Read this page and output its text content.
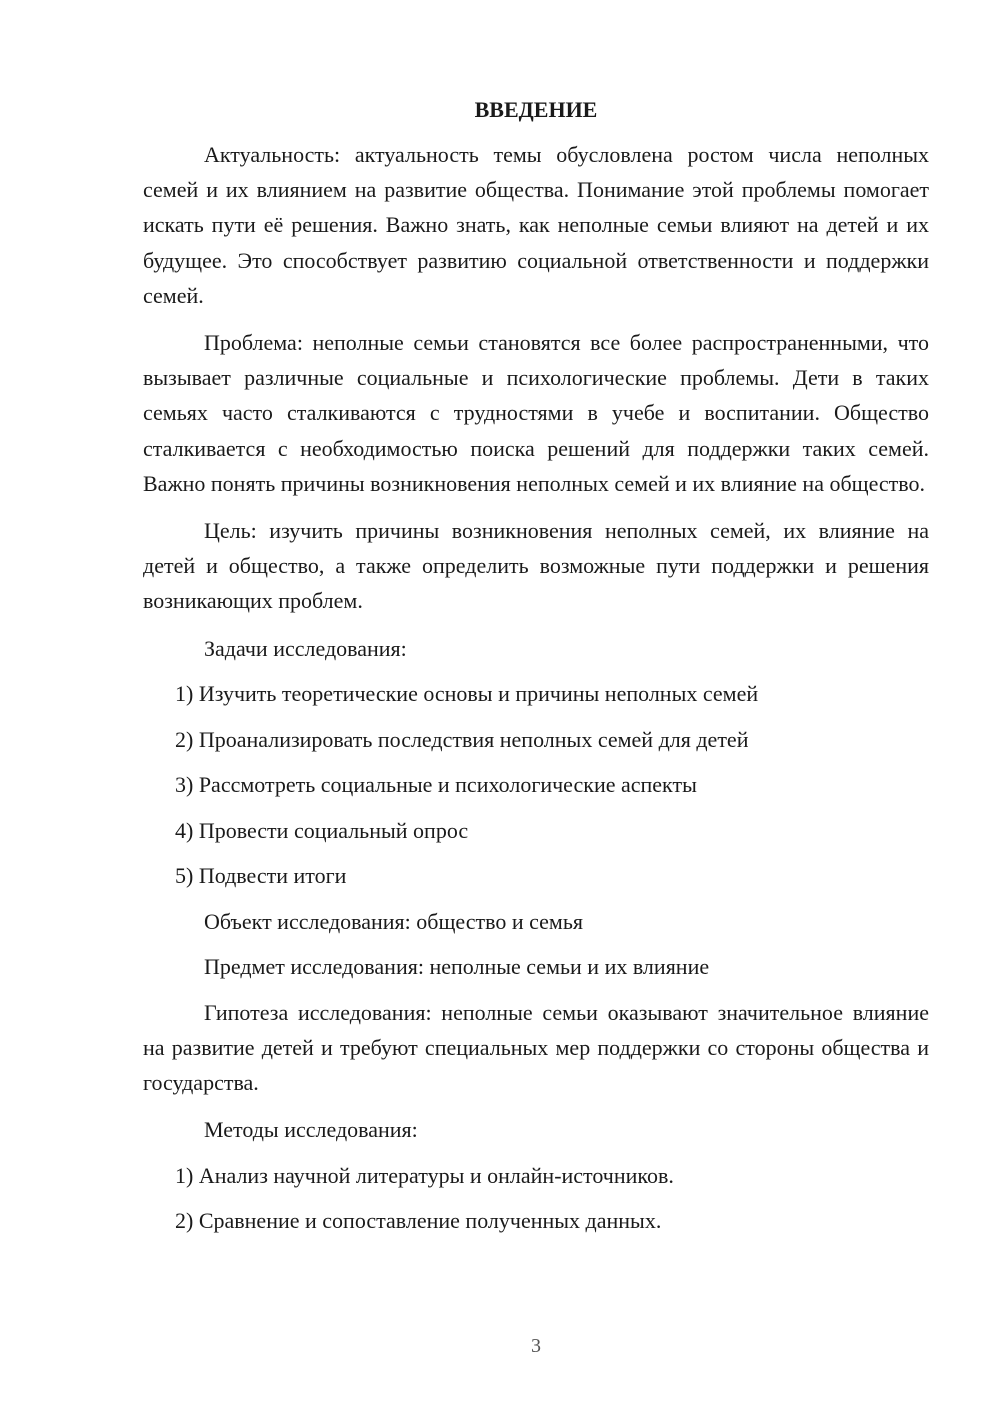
ВВЕДЕНИЕ

Актуальность: актуальность темы обусловлена ростом числа неполных семей и их влиянием на развитие общества. Понимание этой проблемы помогает искать пути её решения. Важно знать, как неполные семьи влияют на детей и их будущее. Это способствует развитию социальной ответственности и поддержки семей.

Проблема: неполные семьи становятся все более распространенными, что вызывает различные социальные и психологические проблемы. Дети в таких семьях часто сталкиваются с трудностями в учебе и воспитании. Общество сталкивается с необходимостью поиска решений для поддержки таких семей. Важно понять причины возникновения неполных семей и их влияние на общество.

Цель: изучить причины возникновения неполных семей, их влияние на детей и общество, а также определить возможные пути поддержки и решения возникающих проблем.

Задачи исследования:
1) Изучить теоретические основы и причины неполных семей
2) Проанализировать последствия неполных семей для детей
3) Рассмотреть социальные и психологические аспекты
4) Провести социальный опрос
5) Подвести итоги
Объект исследования: общество и семья
Предмет исследования: неполные семьи и их влияние

Гипотеза исследования: неполные семьи оказывают значительное влияние на развитие детей и требуют специальных мер поддержки со стороны общества и государства.

Методы исследования:
1) Анализ научной литературы и онлайн-источников.
2) Сравнение и сопоставление полученных данных.
3
